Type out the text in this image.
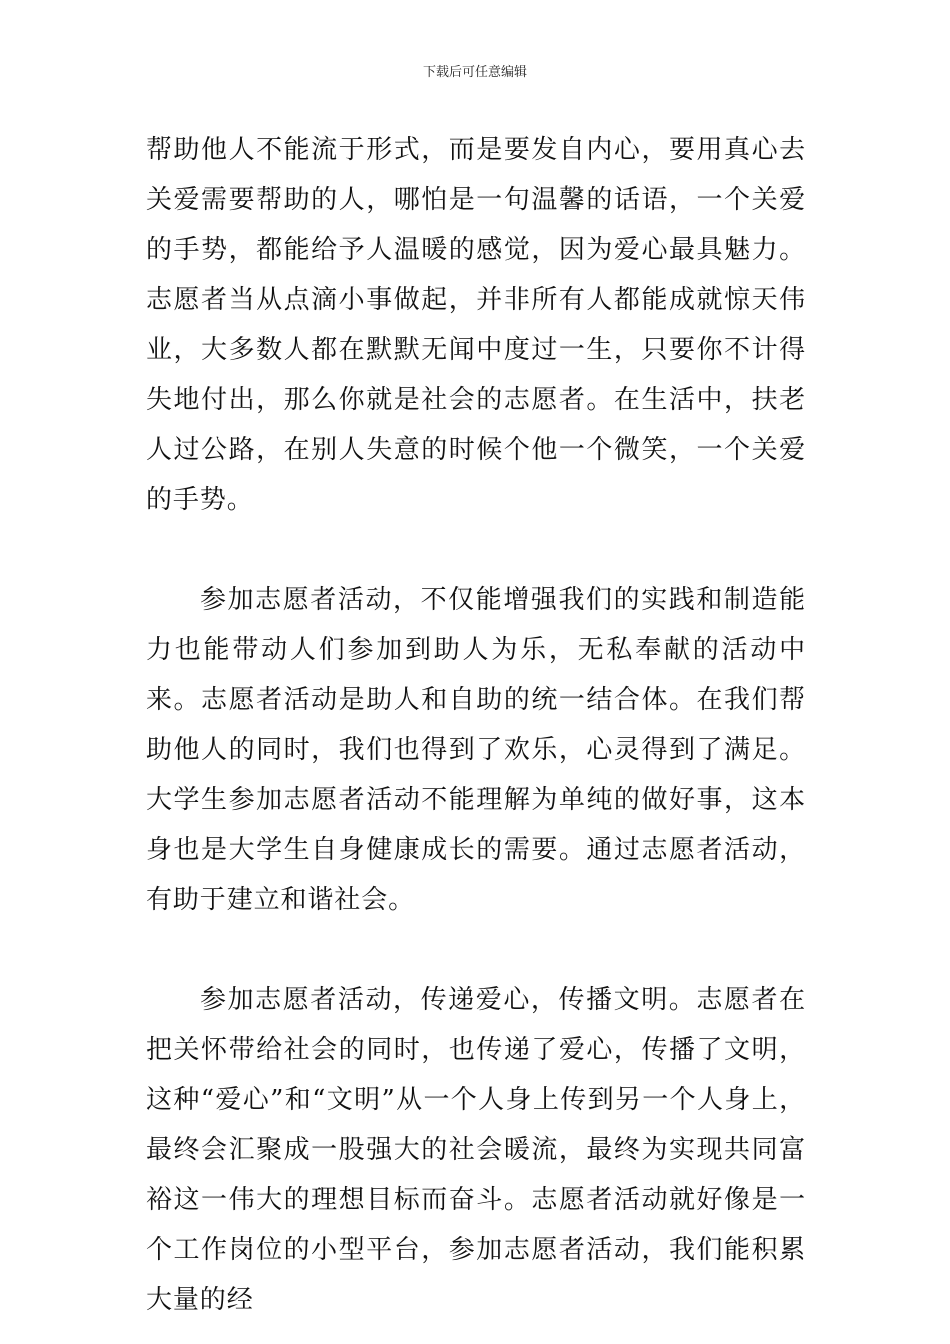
下载后可任意编辑

帮助他人不能流于形式，而是要发自内心，要用真心去关爱需要帮助的人，哪怕是一句温馨的话语，一个关爱的手势，都能给予人温暖的感觉，因为爱心最具魅力。志愿者当从点滴小事做起，并非所有人都能成就惊天伟业，大多数人都在默默无闻中度过一生，只要你不计得失地付出，那么你就是社会的志愿者。在生活中，扶老人过公路，在别人失意的时候个他一个微笑，一个关爱的手势。

参加志愿者活动，不仅能增强我们的实践和制造能力也能带动人们参加到助人为乐，无私奉献的活动中来。志愿者活动是助人和自助的统一结合体。在我们帮助他人的同时，我们也得到了欢乐，心灵得到了满足。大学生参加志愿者活动不能理解为单纯的做好事，这本身也是大学生自身健康成长的需要。通过志愿者活动，有助于建立和谐社会。

参加志愿者活动，传递爱心，传播文明。志愿者在把关怀带给社会的同时，也传递了爱心，传播了文明，这种“爱心”和“文明”从一个人身上传到另一个人身上，最终会汇聚成一股强大的社会暖流，最终为实现共同富裕这一伟大的理想目标而奋斗。志愿者活动就好像是一个工作岗位的小型平台，参加志愿者活动，我们能积累大量的经
